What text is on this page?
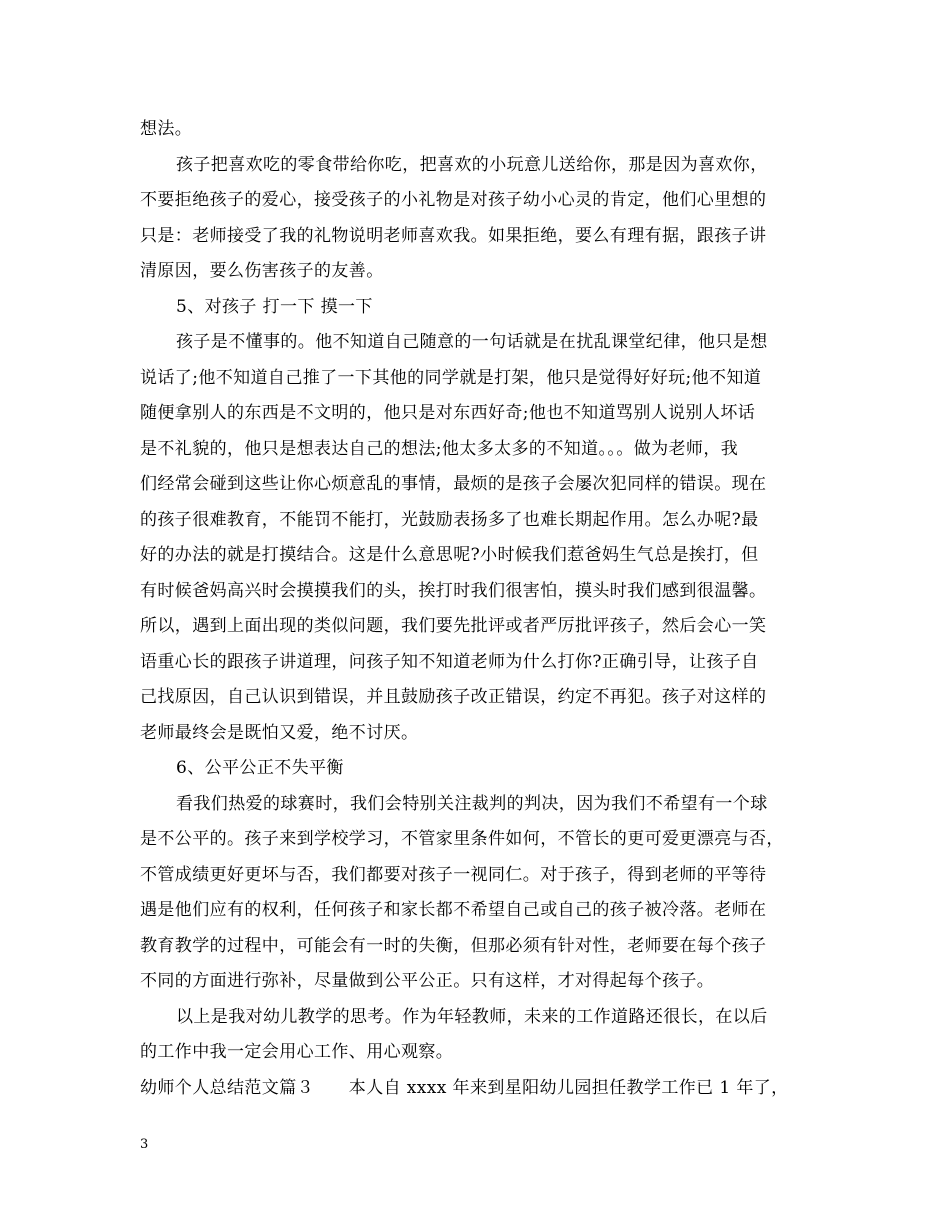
想法。
孩子把喜欢吃的零食带给你吃，把喜欢的小玩意儿送给你，那是因为喜欢你，
不要拒绝孩子的爱心，接受孩子的小礼物是对孩子幼小心灵的肯定，他们心里想的
只是：老师接受了我的礼物说明老师喜欢我。如果拒绝，要么有理有据，跟孩子讲
清原因，要么伤害孩子的友善。
5、对孩子 打一下 摸一下
孩子是不懂事的。他不知道自己随意的一句话就是在扰乱课堂纪律，他只是想
说话了;他不知道自己推了一下其他的同学就是打架，他只是觉得好好玩;他不知道
随便拿别人的东西是不文明的，他只是对东西好奇;他也不知道骂别人说别人坏话
是不礼貌的，他只是想表达自己的想法;他太多太多的不知道。。。做为老师，我
们经常会碰到这些让你心烦意乱的事情，最烦的是孩子会屡次犯同样的错误。现在
的孩子很难教育，不能罚不能打，光鼓励表扬多了也难长期起作用。怎么办呢?最
好的办法的就是打摸结合。这是什么意思呢?小时候我们惹爸妈生气总是挨打，但
有时候爸妈高兴时会摸摸我们的头，挨打时我们很害怕，摸头时我们感到很温馨。
所以，遇到上面出现的类似问题，我们要先批评或者严厉批评孩子，然后会心一笑
语重心长的跟孩子讲道理，问孩子知不知道老师为什么打你?正确引导，让孩子自
己找原因，自己认识到错误，并且鼓励孩子改正错误，约定不再犯。孩子对这样的
老师最终会是既怕又爱，绝不讨厌。
6、公平公正不失平衡
看我们热爱的球赛时，我们会特别关注裁判的判决，因为我们不希望有一个球
是不公平的。孩子来到学校学习，不管家里条件如何，不管长的更可爱更漂亮与否，
不管成绩更好更坏与否，我们都要对孩子一视同仁。对于孩子，得到老师的平等待
遇是他们应有的权利，任何孩子和家长都不希望自己或自己的孩子被冷落。老师在
教育教学的过程中，可能会有一时的失衡，但那必须有针对性，老师要在每个孩子
不同的方面进行弥补，尽量做到公平公正。只有这样，才对得起每个孩子。
以上是我对幼儿教学的思考。作为年轻教师，未来的工作道路还很长，在以后
的工作中我一定会用心工作、用心观察。
幼师个人总结范文篇３　　本人自 xxxx 年来到星阳幼儿园担任教学工作已 1 年了，
3
